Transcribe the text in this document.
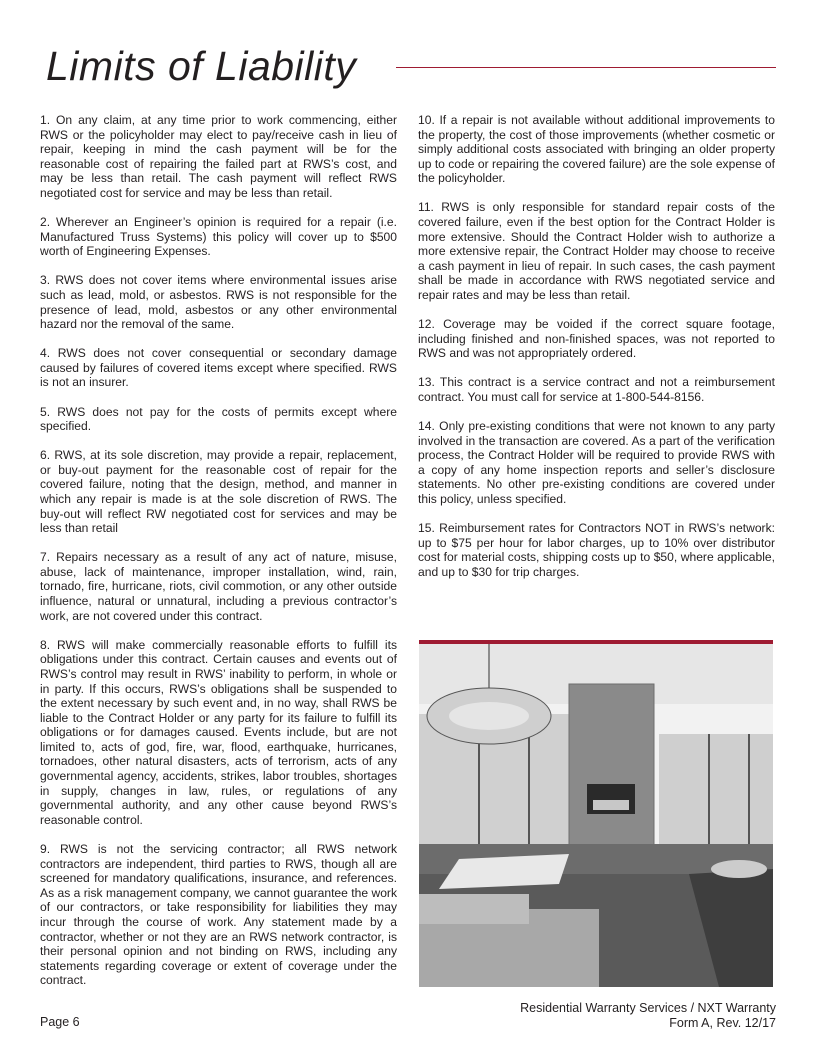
Limits of Liability

1. On any claim, at any time prior to work commencing, either RWS or the policyholder may elect to pay/receive cash in lieu of repair, keeping in mind the cash payment will be for the reasonable cost of repairing the failed part at RWS’s cost, and may be less than retail. The cash payment will reflect RWS negotiated cost for service and may be less than retail.

2. Wherever an Engineer’s opinion is required for a repair (i.e. Manufactured Truss Systems) this policy will cover up to $500 worth of Engineering Expenses.

3. RWS does not cover items where environmental issues arise such as lead, mold, or asbestos. RWS is not responsible for the presence of lead, mold, asbestos or any other environmental hazard nor the removal of the same.

4. RWS does not cover consequential or secondary damage caused by failures of covered items except where specified. RWS is not an insurer.

5. RWS does not pay for the costs of permits except where specified.

6. RWS, at its sole discretion, may provide a repair, replacement, or buy-out payment for the reasonable cost of repair for the covered failure, noting that the design, method, and manner in which any repair is made is at the sole discretion of RWS. The buy-out will reflect RW negotiated cost for services and may be less than retail

7. Repairs necessary as a result of any act of nature, misuse, abuse, lack of maintenance, improper installation, wind, rain, tornado, fire, hurricane, riots, civil commotion, or any other outside influence, natural or unnatural, including a previous contractor’s work, are not covered under this contract.

8. RWS will make commercially reasonable efforts to fulfill its obligations under this contract. Certain causes and events out of RWS’s control may result in RWS’ inability to perform, in whole or in party. If this occurs, RWS’s obligations shall be suspended to the extent necessary by such event and, in no way, shall RWS be liable to the Contract Holder or any party for its failure to fulfill its obligations or for damages caused. Events include, but are not limited to, acts of god, fire, war, flood, earthquake, hurricanes, tornadoes, other natural disasters, acts of terrorism, acts of any governmental agency, accidents, strikes, labor troubles, shortages in supply, changes in law, rules, or regulations of any governmental authority, and any other cause beyond RWS’s reasonable control.

9. RWS is not the servicing contractor; all RWS network contractors are independent, third parties to RWS, though all are screened for mandatory qualifications, insurance, and references. As as a risk management company, we cannot guarantee the work of our contractors, or take responsibility for liabilities they may incur through the course of work. Any statement made by a contractor, whether or not they are an RWS network contractor, is their personal opinion and not binding on RWS, including any statements regarding coverage or extent of coverage under the contract.

10. If a repair is not available without additional improvements to the property, the cost of those improvements (whether cosmetic or simply additional costs associated with bringing an older property up to code or repairing the covered failure) are the sole expense of the policyholder.

11. RWS is only responsible for standard repair costs of the covered failure, even if the best option for the Contract Holder is more extensive. Should the Contract Holder wish to authorize a more extensive repair, the Contract Holder may choose to receive a cash payment in lieu of repair. In such cases, the cash payment shall be made in accordance with RWS negotiated service and repair rates and may be less than retail.

12. Coverage may be voided if the correct square footage, including finished and non-finished spaces, was not reported to RWS and was not appropriately ordered.

13. This contract is a service contract and not a reimbursement contract. You must call for service at 1-800-544-8156.

14. Only pre-existing conditions that were not known to any party involved in the transaction are covered. As a part of the verification process, the Contract Holder will be required to provide RWS with a copy of any home inspection reports and seller’s disclosure statements. No other pre-existing conditions are covered under this policy, unless specified.

15. Reimbursement rates for Contractors NOT in RWS’s network: up to $75 per hour for labor charges, up to 10% over distributor cost for material costs, shipping costs up to $50, where applicable, and up to $30 for trip charges.

Page 6
Residential Warranty Services / NXT Warranty
Form A, Rev. 12/17
